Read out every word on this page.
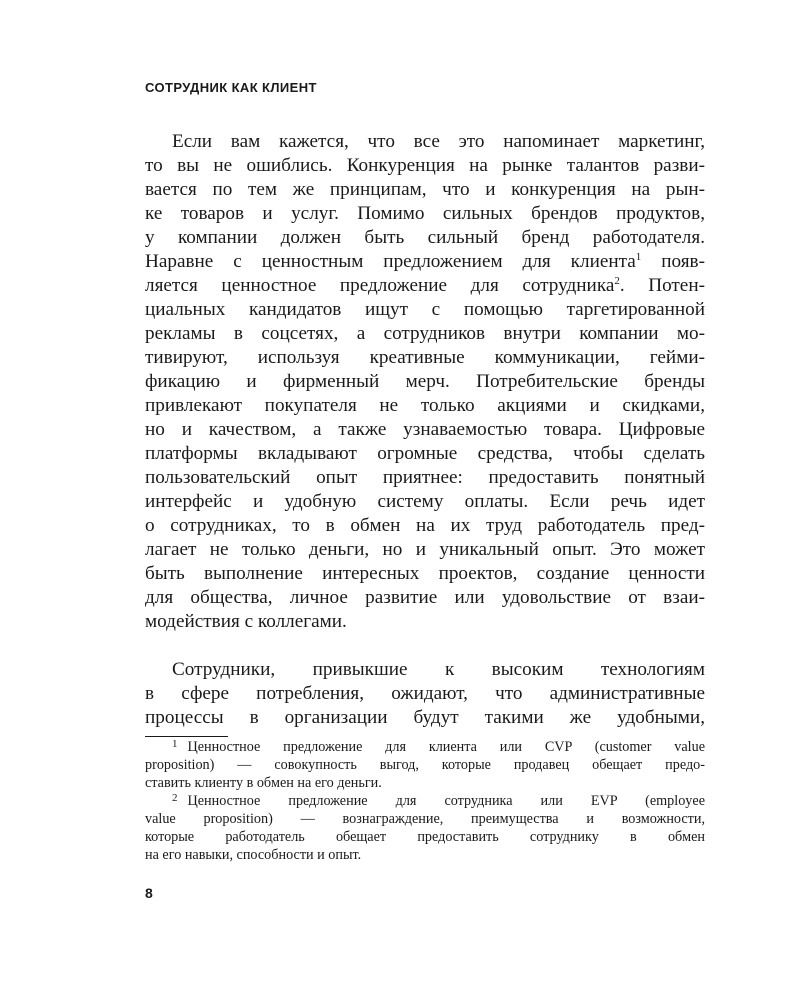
СОТРУДНИК КАК КЛИЕНТ
Если вам кажется, что все это напоминает маркетинг,
то вы не ошиблись. Конкуренция на рынке талантов разви-
вается по тем же принципам, что и конкуренция на рын-
ке товаров и услуг. Помимо сильных брендов продуктов,
у компании должен быть сильный бренд работодателя.
Наравне с ценностным предложением для клиента$^1$ появ-
ляется ценностное предложение для сотрудника$^2$. Потен-
циальных кандидатов ищут с помощью таргетированной
рекламы в соцсетях, а сотрудников внутри компании мо-
тивируют, используя креативные коммуникации, гейми-
фикацию и фирменный мерч. Потребительские бренды
привлекают покупателя не только акциями и скидками,
но и качеством, а также узнаваемостью товара. Цифровые
платформы вкладывают огромные средства, чтобы сделать
пользовательский опыт приятнее: предоставить понятный
интерфейс и удобную систему оплаты. Если речь идет
о сотрудниках, то в обмен на их труд работодатель пред-
лагает не только деньги, но и уникальный опыт. Это может
быть выполнение интересных проектов, создание ценности
для общества, личное развитие или удовольствие от взаи-
модействия с коллегами.
Сотрудники, привыкшие к высоким технологиям
в сфере потребления, ожидают, что административные
процессы в организации будут такими же удобными,
$^1$ Ценностное предложение для клиента или CVP (customer value
proposition) — совокупность выгод, которые продавец обещает предо-
ставить клиенту в обмен на его деньги.
$^2$ Ценностное предложение для сотрудника или EVP (employee
value proposition) — вознаграждение, преимущества и возможности,
которые работодатель обещает предоставить сотруднику в обмен
на его навыки, способности и опыт.
8
